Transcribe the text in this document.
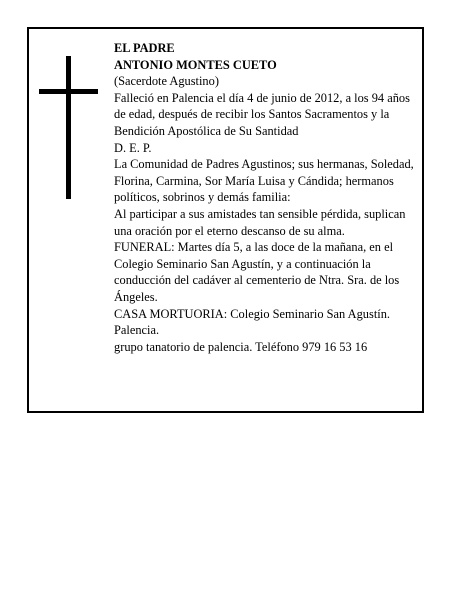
EL PADRE

ANTONIO MONTES CUETO

(Sacerdote Agustino)

Falleció en Palencia el día 4 de junio de 2012, a los 94 años de edad, después de recibir los Santos Sacramentos y la Bendición Apostólica de Su Santidad

D. E. P.

La Comunidad de Padres Agustinos; sus hermanas, Soledad, Florina, Carmina, Sor María Luisa y Cándida; hermanos políticos, sobrinos y demás familia:

Al participar a sus amistades tan sensible pérdida, suplican una oración por el eterno descanso de su alma.

FUNERAL: Martes día 5, a las doce de la mañana, en el Colegio Seminario San Agustín, y a continuación la conducción del cadáver al cementerio de Ntra. Sra. de los Ángeles.

CASA MORTUORIA: Colegio Seminario San Agustín. Palencia.

grupo tanatorio de palencia. Teléfono 979 16 53 16
